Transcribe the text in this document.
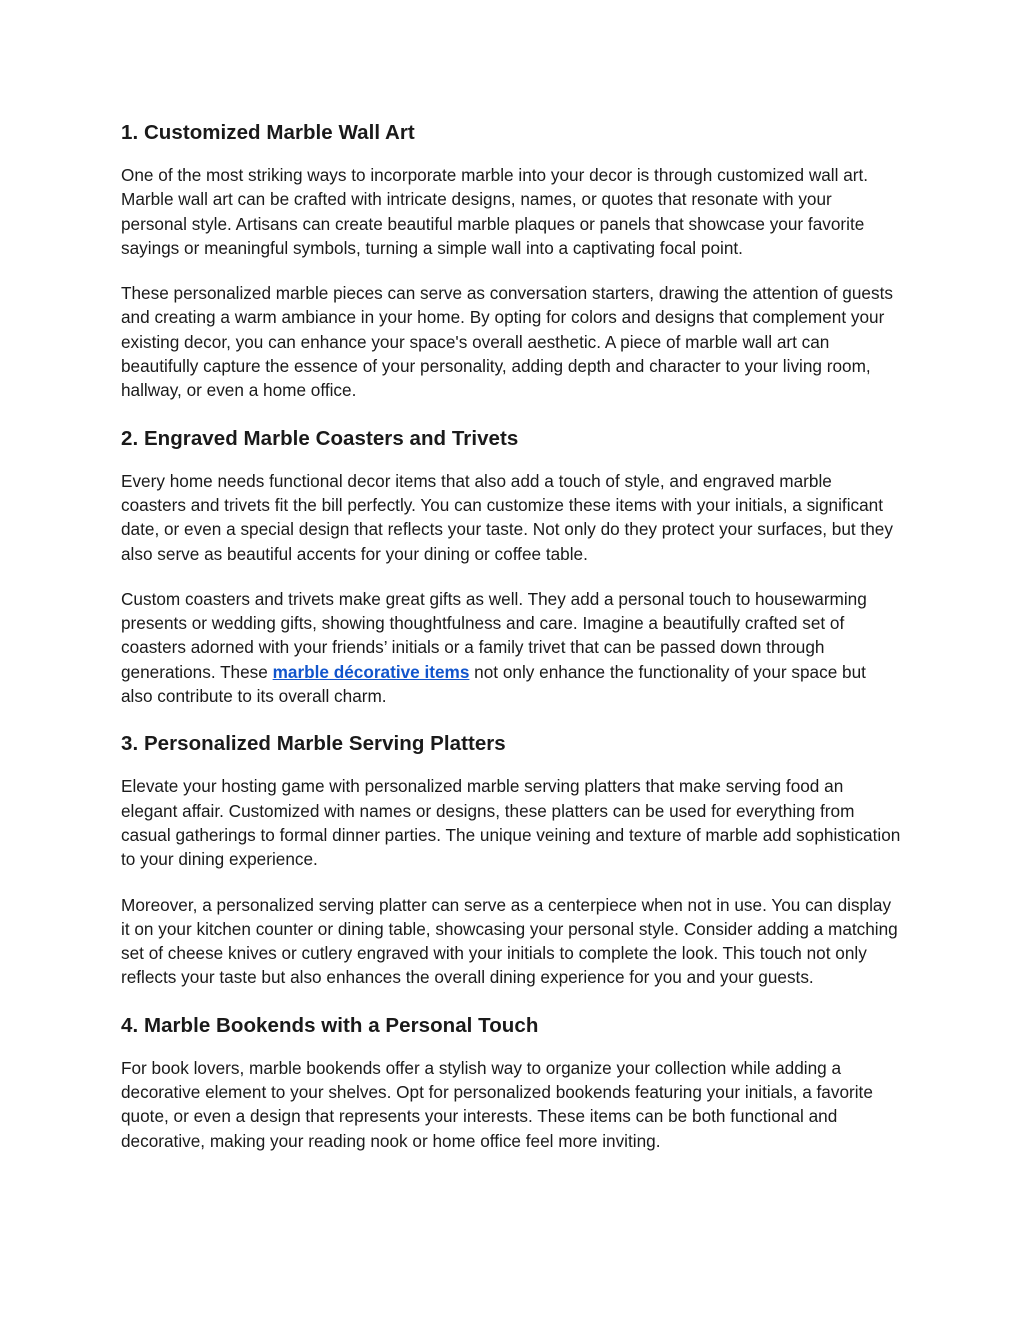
1. Customized Marble Wall Art

One of the most striking ways to incorporate marble into your decor is through customized wall art. Marble wall art can be crafted with intricate designs, names, or quotes that resonate with your personal style. Artisans can create beautiful marble plaques or panels that showcase your favorite sayings or meaningful symbols, turning a simple wall into a captivating focal point.

These personalized marble pieces can serve as conversation starters, drawing the attention of guests and creating a warm ambiance in your home. By opting for colors and designs that complement your existing decor, you can enhance your space's overall aesthetic. A piece of marble wall art can beautifully capture the essence of your personality, adding depth and character to your living room, hallway, or even a home office.

2. Engraved Marble Coasters and Trivets

Every home needs functional decor items that also add a touch of style, and engraved marble coasters and trivets fit the bill perfectly. You can customize these items with your initials, a significant date, or even a special design that reflects your taste. Not only do they protect your surfaces, but they also serve as beautiful accents for your dining or coffee table.

Custom coasters and trivets make great gifts as well. They add a personal touch to housewarming presents or wedding gifts, showing thoughtfulness and care. Imagine a beautifully crafted set of coasters adorned with your friends’ initials or a family trivet that can be passed down through generations. These marble décorative items not only enhance the functionality of your space but also contribute to its overall charm.

3. Personalized Marble Serving Platters

Elevate your hosting game with personalized marble serving platters that make serving food an elegant affair. Customized with names or designs, these platters can be used for everything from casual gatherings to formal dinner parties. The unique veining and texture of marble add sophistication to your dining experience.

Moreover, a personalized serving platter can serve as a centerpiece when not in use. You can display it on your kitchen counter or dining table, showcasing your personal style. Consider adding a matching set of cheese knives or cutlery engraved with your initials to complete the look. This touch not only reflects your taste but also enhances the overall dining experience for you and your guests.

4. Marble Bookends with a Personal Touch

For book lovers, marble bookends offer a stylish way to organize your collection while adding a decorative element to your shelves. Opt for personalized bookends featuring your initials, a favorite quote, or even a design that represents your interests. These items can be both functional and decorative, making your reading nook or home office feel more inviting.
